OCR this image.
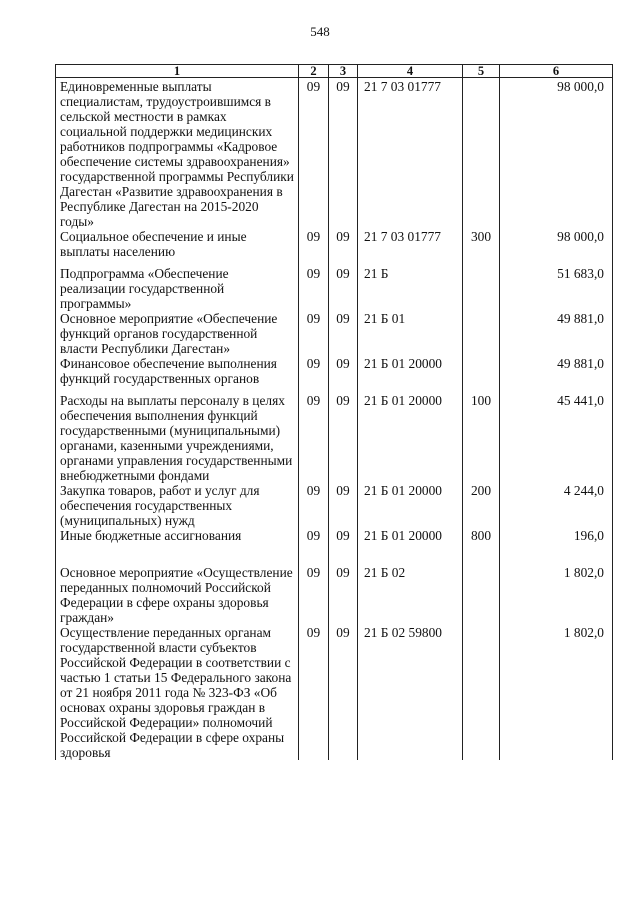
548
1	2	3	4	5	6
Единовременные выплаты специалистам, трудоустроившимся в сельской местности в рамках социальной поддержки медицинских работников подпрограммы «Кадровое обеспечение системы здравоохранения» государственной программы Республики Дагестан «Развитие здравоохранения в Республике Дагестан на 2015-2020 годы»	09	09	21 7 03 01777		98 000,0
Социальное обеспечение и иные выплаты населению	09	09	21 7 03 01777	300	98 000,0
Подпрограмма «Обеспечение реализации государственной программы»	09	09	21 Б		51 683,0
Основное мероприятие «Обеспечение функций органов государственной власти Республики Дагестан»	09	09	21 Б 01		49 881,0
Финансовое обеспечение выполнения функций государственных органов	09	09	21 Б 01 20000		49 881,0
Расходы на выплаты персоналу в целях обеспечения выполнения функций государственными (муниципальными) органами, казенными учреждениями, органами управления государственными внебюджетными фондами	09	09	21 Б 01 20000	100	45 441,0
Закупка товаров, работ и услуг для обеспечения государственных (муниципальных) нужд	09	09	21 Б 01 20000	200	4 244,0
Иные бюджетные ассигнования	09	09	21 Б 01 20000	800	196,0
Основное мероприятие «Осуществление переданных полномочий Российской Федерации в сфере охраны здоровья граждан»	09	09	21 Б 02		1 802,0
Осуществление переданных органам государственной власти субъектов Российской Федерации в соответствии с частью 1 статьи 15 Федерального закона от 21 ноября 2011 года № 323-ФЗ «Об основах охраны здоровья граждан в Российской Федерации» полномочий Российской Федерации в сфере охраны здоровья	09	09	21 Б 02 59800		1 802,0
